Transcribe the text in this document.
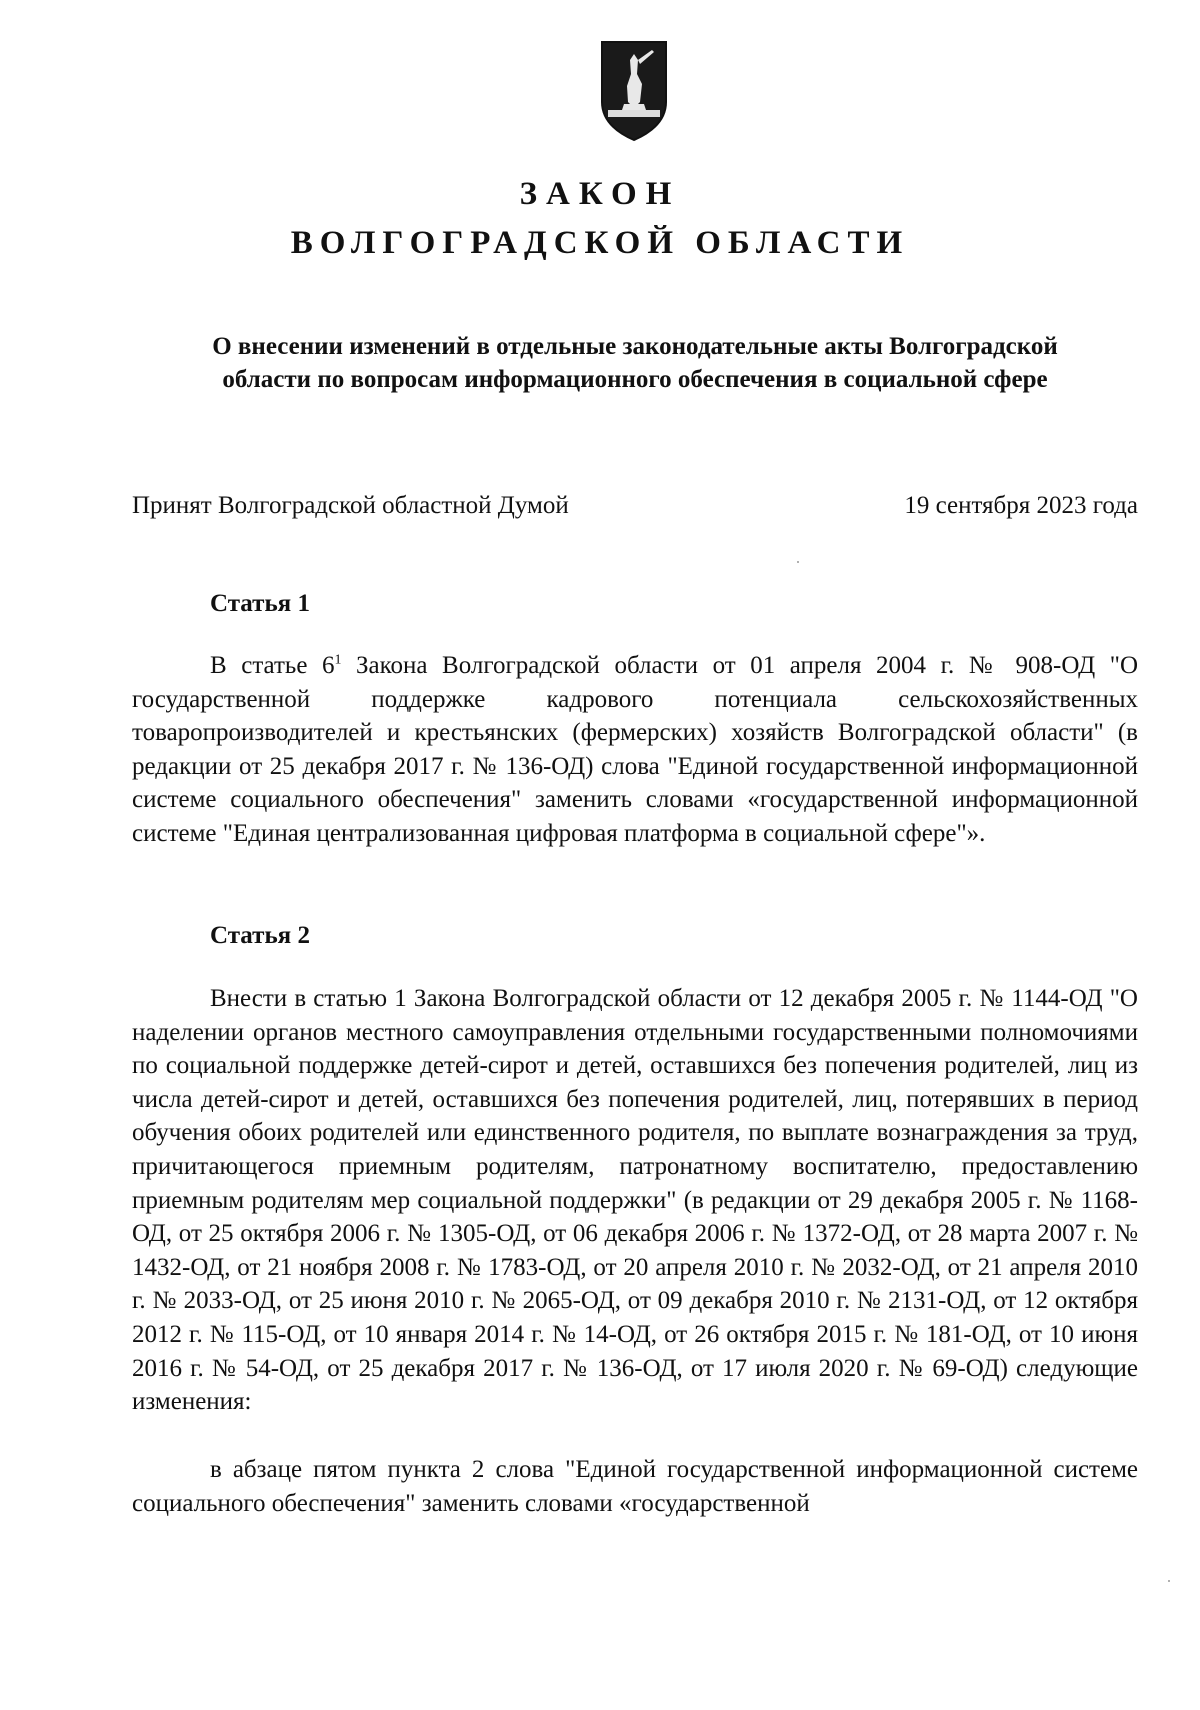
ЗАКОН
ВОЛГОГРАДСКОЙ ОБЛАСТИ
О внесении изменений в отдельные законодательные акты Волгоградской
области по вопросам информационного обеспечения в социальной сфере
Принят Волгоградской областной Думой	19 сентября 2023 года
Статья 1

В статье $6^1$ Закона Волгоградской области от 01 апреля 2004 г. № 908-ОД "О государственной поддержке кадрового потенциала сельскохозяйственных товаропроизводителей и крестьянских (фермерских) хозяйств Волгоградской области" (в редакции от 25 декабря 2017 г. № 136-ОД) слова "Единой государственной информационной системе социального обеспечения" заменить словами «государственной информационной системе "Единая централизованная цифровая платформа в социальной сфере"».

Статья 2

Внести в статью 1 Закона Волгоградской области от 12 декабря 2005 г. № 1144-ОД "О наделении органов местного самоуправления отдельными государственными полномочиями по социальной поддержке детей-сирот и детей, оставшихся без попечения родителей, лиц из числа детей-сирот и детей, оставшихся без попечения родителей, лиц, потерявших в период обучения обоих родителей или единственного родителя, по выплате вознаграждения за труд, причитающегося приемным родителям, патронатному воспитателю, предоставлению приемным родителям мер социальной поддержки" (в редакции от 29 декабря 2005 г. № 1168-ОД, от 25 октября 2006 г. № 1305-ОД, от 06 декабря 2006 г. № 1372-ОД, от 28 марта 2007 г. № 1432-ОД, от 21 ноября 2008 г. № 1783-ОД, от 20 апреля 2010 г. № 2032-ОД, от 21 апреля 2010 г. № 2033-ОД, от 25 июня 2010 г. № 2065-ОД, от 09 декабря 2010 г. № 2131-ОД, от 12 октября 2012 г. № 115-ОД, от 10 января 2014 г. № 14-ОД, от 26 октября 2015 г. № 181-ОД, от 10 июня 2016 г. № 54-ОД, от 25 декабря 2017 г. № 136-ОД, от 17 июля 2020 г. № 69-ОД) следующие изменения:

в абзаце пятом пункта 2 слова "Единой государственной информационной системе социального обеспечения" заменить словами «государственной
